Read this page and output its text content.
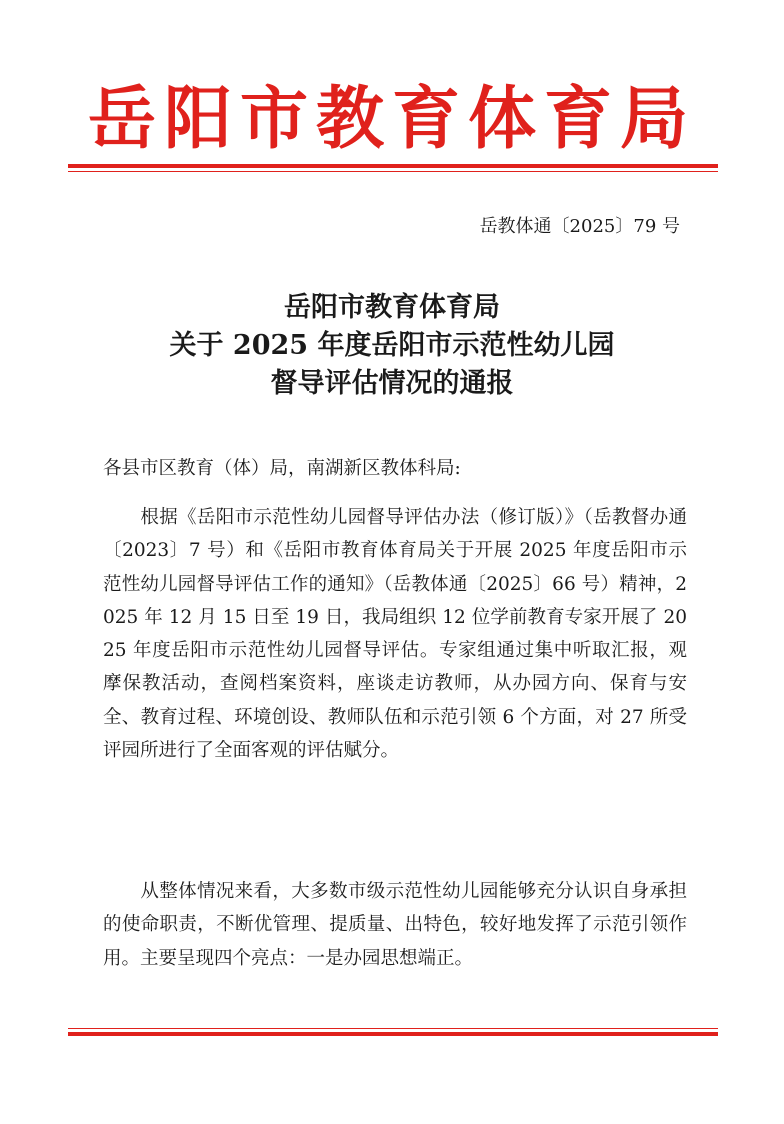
岳阳市教育体育局

岳教体通〔2025〕79 号

岳阳市教育体育局
关于 2025 年度岳阳市示范性幼儿园
督导评估情况的通报

各县市区教育（体）局，南湖新区教体科局:

根据《岳阳市示范性幼儿园督导评估办法（修订版）》（岳教督办通〔2023〕7 号）和《岳阳市教育体育局关于开展 2025 年度岳阳市示范性幼儿园督导评估工作的通知》（岳教体通〔2025〕66 号）精神，2025 年 12 月 15 日至 19 日，我局组织 12 位学前教育专家开展了 2025 年度岳阳市示范性幼儿园督导评估。专家组通过集中听取汇报，观摩保教活动，查阅档案资料，座谈走访教师，从办园方向、保育与安全、教育过程、环境创设、教师队伍和示范引领 6 个方面，对 27 所受评园所进行了全面客观的评估赋分。

从整体情况来看，大多数市级示范性幼儿园能够充分认识自身承担的使命职责，不断优管理、提质量、出特色，较好地发挥了示范引领作用。主要呈现四个亮点：一是办园思想端正。
